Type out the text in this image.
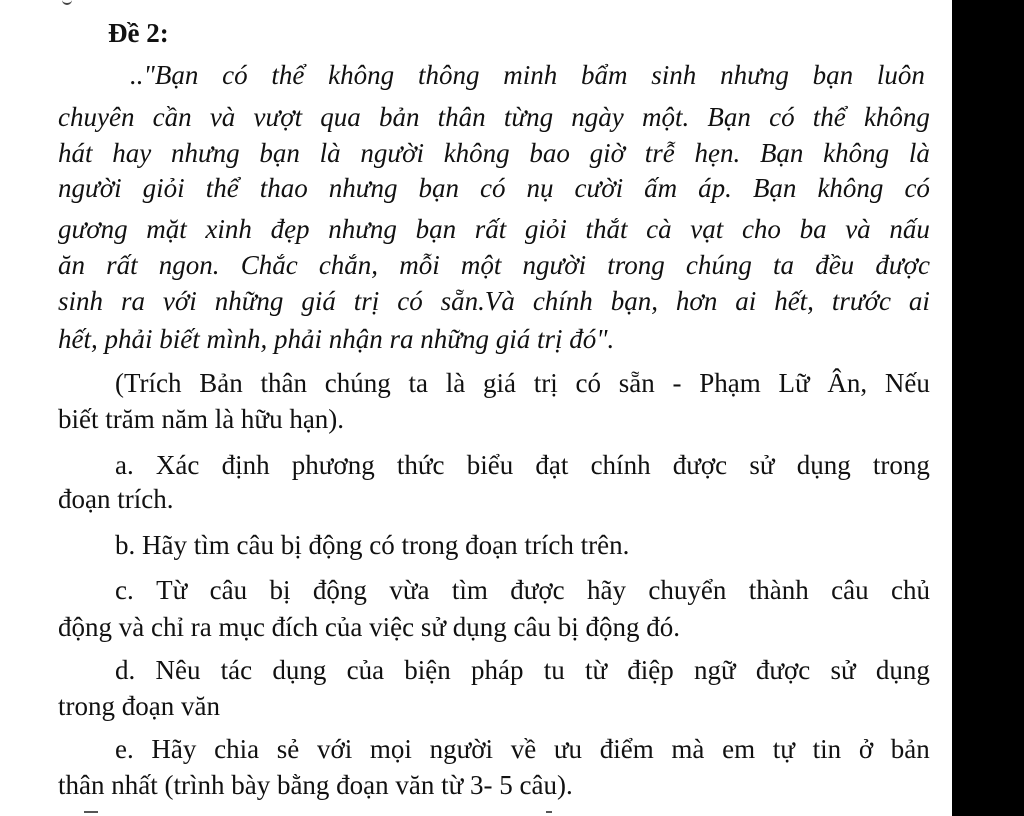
Đề 2:
.."Bạn có thể không thông minh bẩm sinh nhưng bạn luôn
chuyên cần và vượt qua bản thân từng ngày một. Bạn có thể không
hát hay nhưng bạn là người không bao giờ trễ hẹn. Bạn không là
người giỏi thể thao nhưng bạn có nụ cười ấm áp. Bạn không có
gương mặt xinh đẹp nhưng bạn rất giỏi thắt cà vạt cho ba và nấu
ăn rất ngon. Chắc chắn, mỗi một người trong chúng ta đều được
sinh ra với những giá trị có sẵn.Và chính bạn, hơn ai hết, trước ai
hết, phải biết mình, phải nhận ra những giá trị đó".
(Trích Bản thân chúng ta là giá trị có sẵn - Phạm Lữ Ân, Nếu
biết trăm năm là hữu hạn).
a. Xác định phương thức biểu đạt chính được sử dụng trong
đoạn trích.
b. Hãy tìm câu bị động có trong đoạn trích trên.
c. Từ câu bị động vừa tìm được hãy chuyển thành câu chủ
động và chỉ ra mục đích của việc sử dụng câu bị động đó.
d. Nêu tác dụng của biện pháp tu từ điệp ngữ được sử dụng
trong đoạn văn
e. Hãy chia sẻ với mọi người về ưu điểm mà em tự tin ở bản
thân nhất (trình bày bằng đoạn văn từ 3- 5 câu).
